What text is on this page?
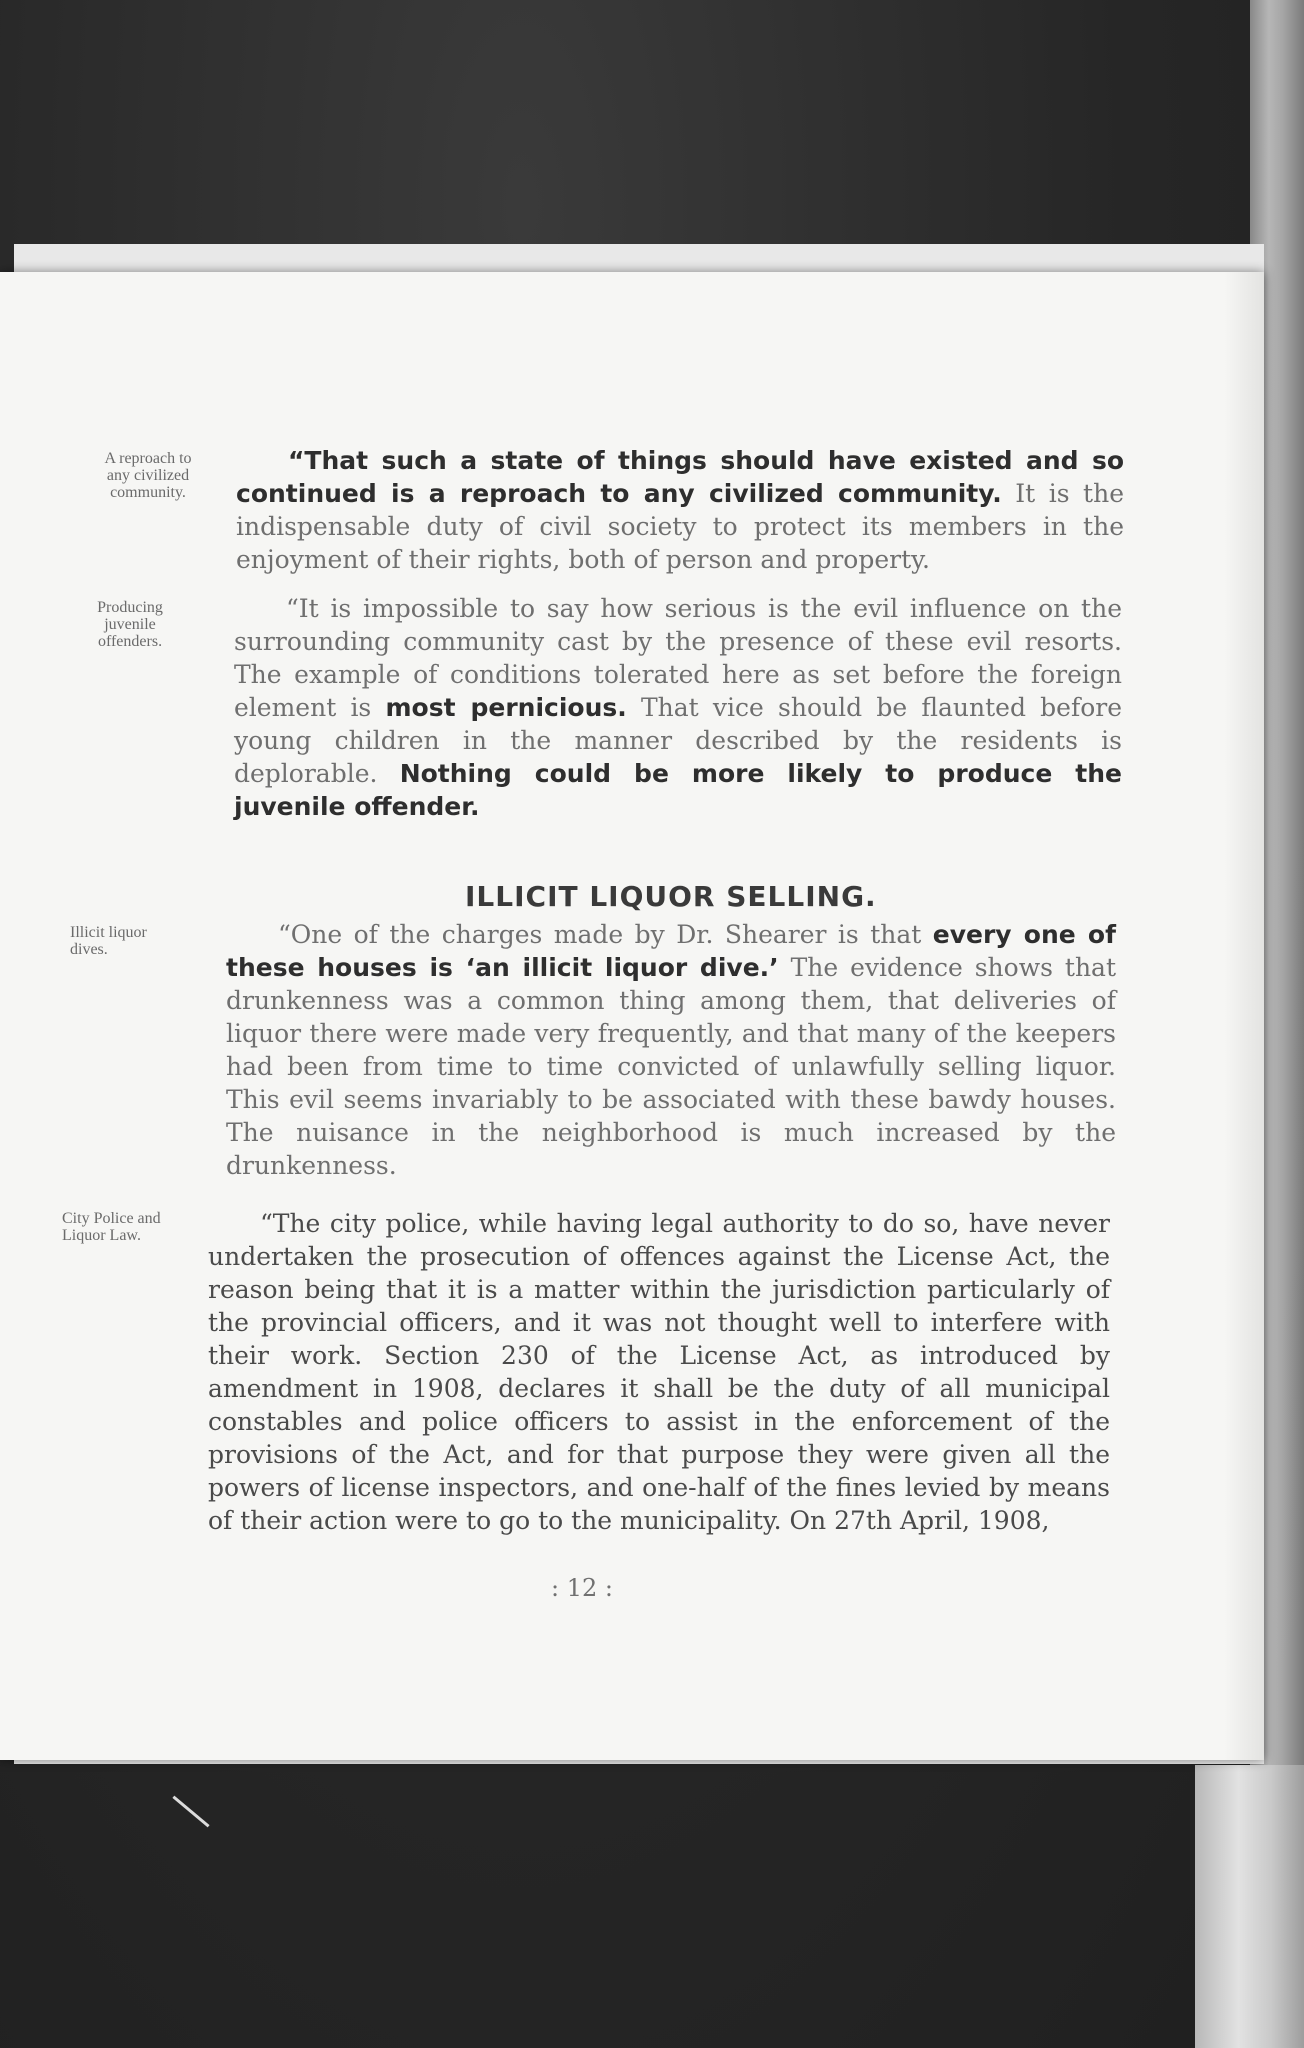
A reproach to
any civilized
community.
Producing
juvenile
offenders.
Illicit liquor
dives.
City Police and
Liquor Law.

“That such a state of things should have existed and so continued is a reproach to any civilized community. It is the indispensable duty of civil society to protect its members in the enjoyment of their rights, both of person and property.

“It is impossible to say how serious is the evil influence on the surrounding community cast by the presence of these evil resorts. The example of conditions tolerated here as set before the foreign element is most pernicious. That vice should be flaunted before young children in the manner described by the residents is deplorable. Nothing could be more likely to produce the juvenile offender.

ILLICIT LIQUOR SELLING.

“One of the charges made by Dr. Shearer is that every one of these houses is ‘an illicit liquor dive.’ The evidence shows that drunkenness was a common thing among them, that deliveries of liquor there were made very frequently, and that many of the keepers had been from time to time convicted of unlawfully selling liquor. This evil seems invariably to be associated with these bawdy houses. The nuisance in the neighborhood is much increased by the drunkenness.

“The city police, while having legal authority to do so, have never undertaken the prosecution of offences against the License Act, the reason being that it is a matter within the jurisdiction particularly of the provincial officers, and it was not thought well to interfere with their work. Section 230 of the License Act, as introduced by amendment in 1908, declares it shall be the duty of all municipal constables and police officers to assist in the enforcement of the provisions of the Act, and for that purpose they were given all the powers of license inspectors, and one-half of the fines levied by means of their action were to go to the municipality. On 27th April, 1908,

: 12 :
